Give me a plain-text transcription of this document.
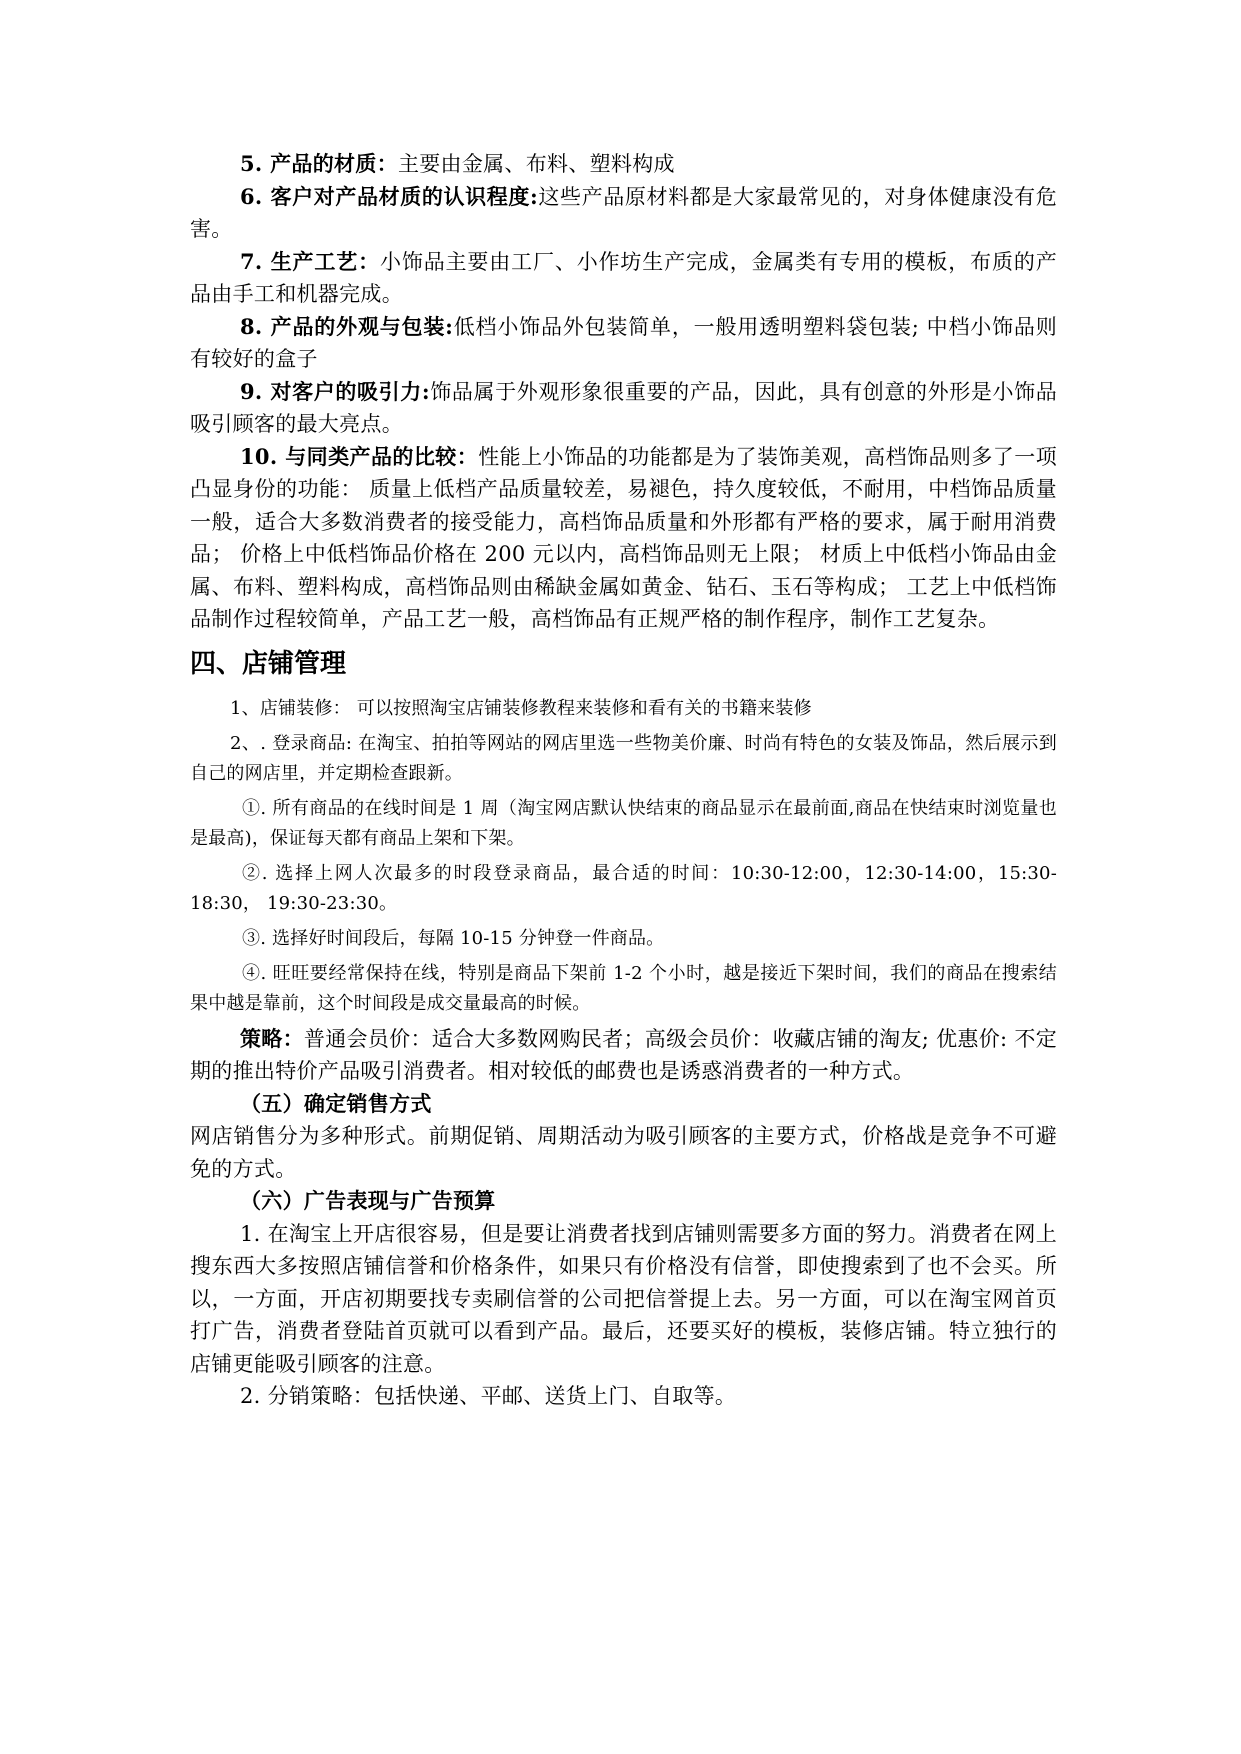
5. 产品的材质：主要由金属、布料、塑料构成

6. 客户对产品材质的认识程度:这些产品原材料都是大家最常见的，对身体健康没有危害。

7. 生产工艺：小饰品主要由工厂、小作坊生产完成，金属类有专用的模板，布质的产品由手工和机器完成。

8. 产品的外观与包装:低档小饰品外包装简单，一般用透明塑料袋包装; 中档小饰品则有较好的盒子

9. 对客户的吸引力:饰品属于外观形象很重要的产品，因此，具有创意的外形是小饰品吸引顾客的最大亮点。

10. 与同类产品的比较：性能上小饰品的功能都是为了装饰美观，高档饰品则多了一项凸显身份的功能： 质量上低档产品质量较差，易褪色，持久度较低，不耐用，中档饰品质量一般，适合大多数消费者的接受能力，高档饰品质量和外形都有严格的要求，属于耐用消费品； 价格上中低档饰品价格在 200 元以内，高档饰品则无上限； 材质上中低档小饰品由金属、布料、塑料构成，高档饰品则由稀缺金属如黄金、钻石、玉石等构成； 工艺上中低档饰品制作过程较简单，产品工艺一般，高档饰品有正规严格的制作程序，制作工艺复杂。

四、店铺管理

1、店铺装修： 可以按照淘宝店铺装修教程来装修和看有关的书籍来装修

2、. 登录商品: 在淘宝、拍拍等网站的网店里选一些物美价廉、时尚有特色的女装及饰品，然后展示到自己的网店里，并定期检查跟新。

①. 所有商品的在线时间是 1 周（淘宝网店默认快结束的商品显示在最前面,商品在快结束时浏览量也是最高)，保证每天都有商品上架和下架。

②. 选择上网人次最多的时段登录商品，最合适的时间：10:30-12:00，12:30-14:00，15:30-18:30， 19:30-23:30。

③. 选择好时间段后，每隔 10-15 分钟登一件商品。

④. 旺旺要经常保持在线，特别是商品下架前 1-2 个小时，越是接近下架时间，我们的商品在搜索结果中越是靠前，这个时间段是成交量最高的时候。

策略：普通会员价：适合大多数网购民者；高级会员价：收藏店铺的淘友; 优惠价: 不定期的推出特价产品吸引消费者。相对较低的邮费也是诱惑消费者的一种方式。

（五）确定销售方式

网店销售分为多种形式。前期促销、周期活动为吸引顾客的主要方式，价格战是竞争不可避免的方式。

（六）广告表现与广告预算

1. 在淘宝上开店很容易，但是要让消费者找到店铺则需要多方面的努力。消费者在网上搜东西大多按照店铺信誉和价格条件，如果只有价格没有信誉，即使搜索到了也不会买。所以，一方面，开店初期要找专卖刷信誉的公司把信誉提上去。另一方面，可以在淘宝网首页打广告，消费者登陆首页就可以看到产品。最后，还要买好的模板，装修店铺。特立独行的店铺更能吸引顾客的注意。

2. 分销策略：包括快递、平邮、送货上门、自取等。
